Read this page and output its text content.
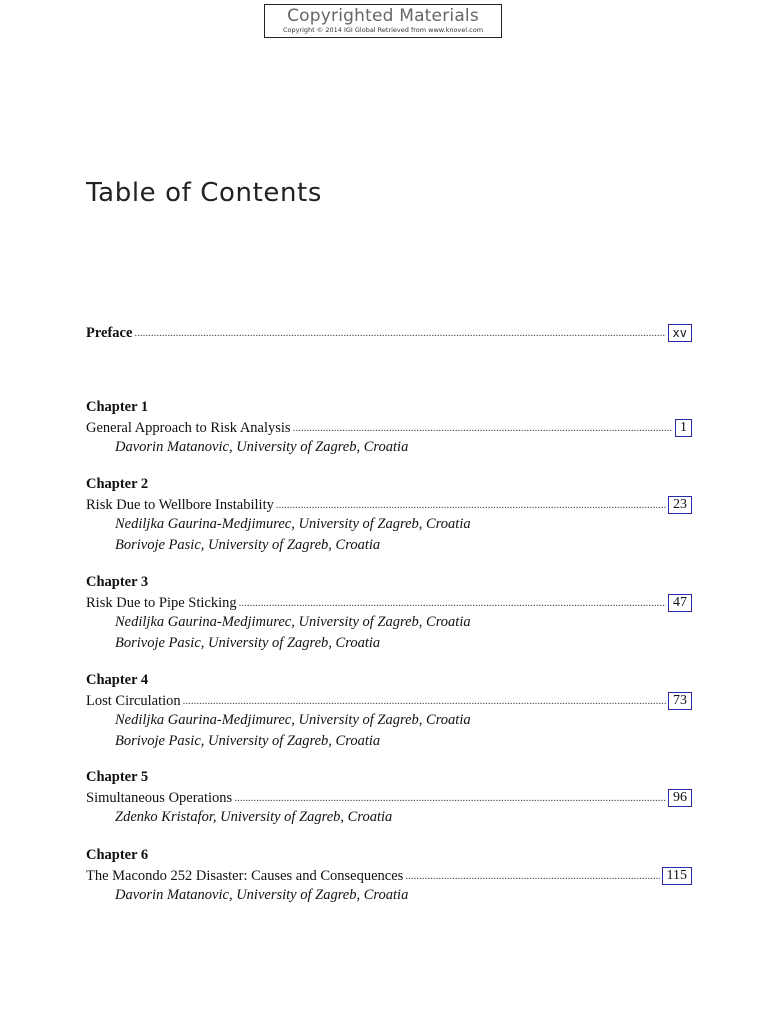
Copyrighted Materials
Copyright © 2014 IGI Global Retrieved from www.knovel.com
Table of Contents
Preface .....	xv
Chapter 1
General Approach to Risk Analysis .....	1
Davorin Matanovic, University of Zagreb, Croatia
Chapter 2
Risk Due to Wellbore Instability .....	23
Nediljka Gaurina-Medjimurec, University of Zagreb, Croatia
Borivoje Pasic, University of Zagreb, Croatia
Chapter 3
Risk Due to Pipe Sticking .....	47
Nediljka Gaurina-Medjimurec, University of Zagreb, Croatia
Borivoje Pasic, University of Zagreb, Croatia
Chapter 4
Lost Circulation .....	73
Nediljka Gaurina-Medjimurec, University of Zagreb, Croatia
Borivoje Pasic, University of Zagreb, Croatia
Chapter 5
Simultaneous Operations .....	96
Zdenko Kristafor, University of Zagreb, Croatia
Chapter 6
The Macondo 252 Disaster: Causes and Consequences .....	115
Davorin Matanovic, University of Zagreb, Croatia
